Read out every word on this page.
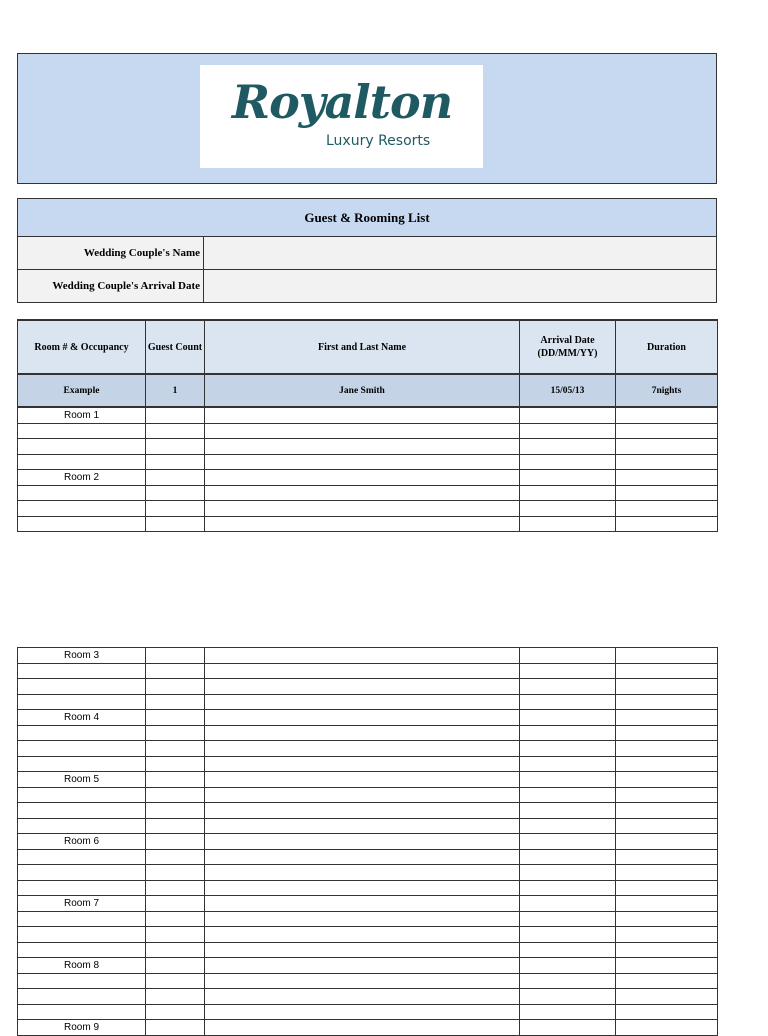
Royalton
Luxury Resorts
Guest & Rooming List	
Wedding Couple's Name	
Wedding Couple's Arrival Date	
Room # & Occupancy	Guest Count	First and Last Name	Arrival Date (DD/MM/YY)	Duration
Example	1	Jane Smith	15/05/13	7nights
Room 1				

Room 2				

Room 3				

Room 4				

Room 5				

Room 6				

Room 7				

Room 8				

Room 9				
